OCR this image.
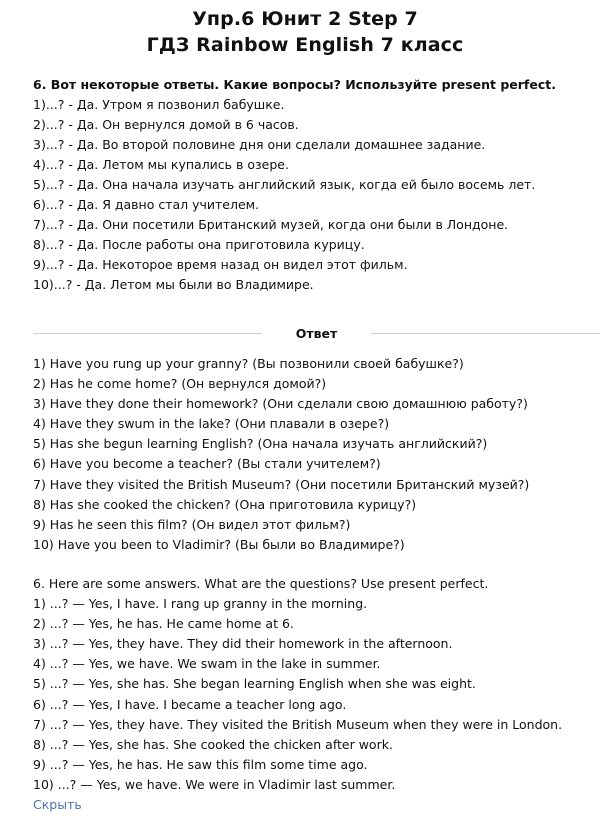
Упр.6 Юнит 2 Step 7
ГДЗ Rainbow English 7 класс
6. Вот некоторые ответы. Какие вопросы? Используйте present perfect.
1)...? - Да. Утром я позвонил бабушке.
2)...? - Да. Он вернулся домой в 6 часов.
3)...? - Да. Во второй половине дня они сделали домашнее задание.
4)...? - Да. Летом мы купались в озере.
5)...? - Да. Она начала изучать английский язык, когда ей было восемь лет.
6)...? - Да. Я давно стал учителем.
7)...? - Да. Они посетили Британский музей, когда они были в Лондоне.
8)...? - Да. После работы она приготовила курицу.
9)...? - Да. Некоторое время назад он видел этот фильм.
10)...? - Да. Летом мы были во Владимире.
Ответ
1) Have you rung up your granny? (Вы позвонили своей бабушке?)
2) Has he come home? (Он вернулся домой?)
3) Have they done their homework? (Они сделали свою домашнюю работу?)
4) Have they swum in the lake? (Они плавали в озере?)
5) Has she begun learning English? (Она начала изучать английский?)
6) Have you become a teacher? (Вы стали учителем?)
7) Have they visited the British Museum? (Они посетили Британский музей?)
8) Has she cooked the chicken? (Она приготовила курицу?)
9) Has he seen this film? (Он видел этот фильм?)
10) Have you been to Vladimir? (Вы были во Владимире?)
6. Here are some answers. What are the questions? Use present perfect.
1) ...? — Yes, I have. I rang up granny in the morning.
2) ...? — Yes, he has. He came home at 6.
3) ...? — Yes, they have. They did their homework in the afternoon.
4) ...? — Yes, we have. We swam in the lake in summer.
5) ...? — Yes, she has. She began learning English when she was eight.
6) ...? — Yes, I have. I became a teacher long ago.
7) ...? — Yes, they have. They visited the British Museum when they were in London.
8) ...? — Yes, she has. She cooked the chicken after work.
9) ...? — Yes, he has. He saw this film some time ago.
10) ...? — Yes, we have. We were in Vladimir last summer.
Скрыть
